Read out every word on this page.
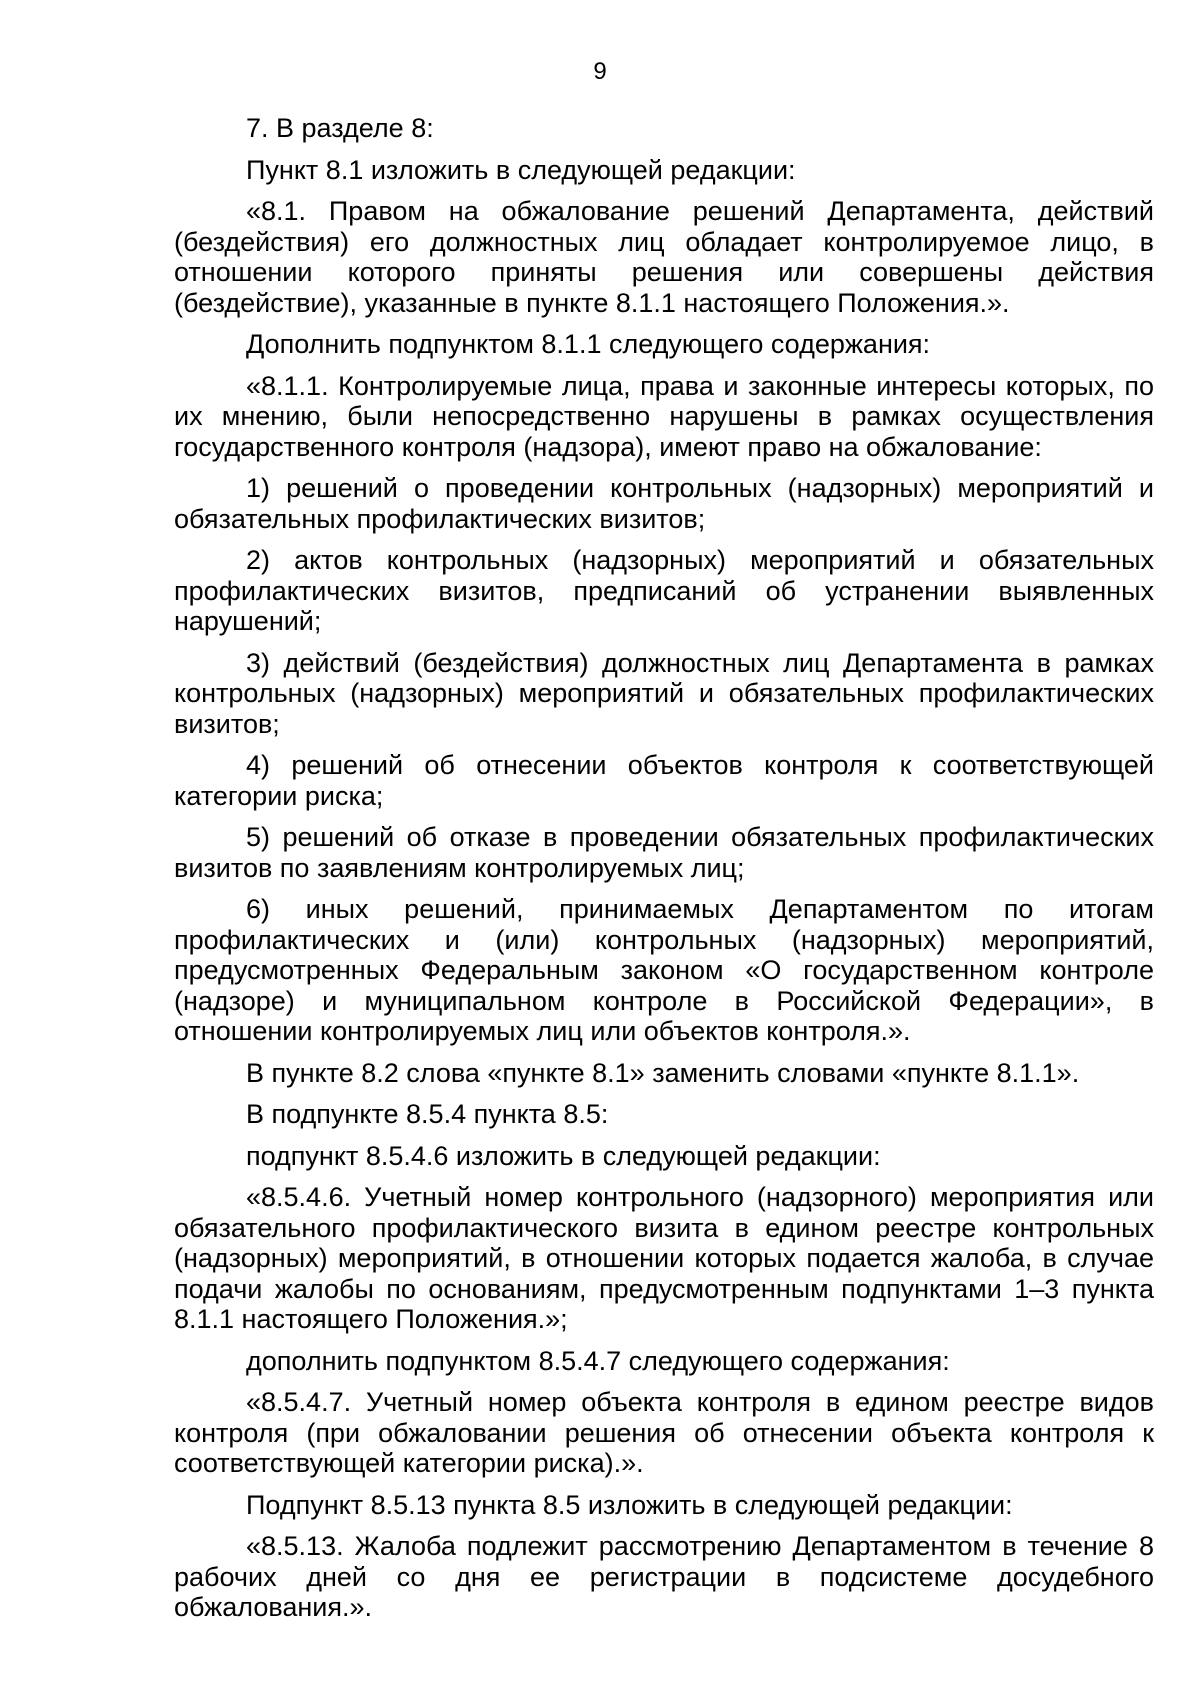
9

7. В разделе 8:

Пункт 8.1 изложить в следующей редакции:

«8.1. Правом на обжалование решений Департамента, действий (бездействия) его должностных лиц обладает контролируемое лицо, в отношении которого приняты решения или совершены действия (бездействие), указанные в пункте 8.1.1 настоящего Положения.».

Дополнить подпунктом 8.1.1 следующего содержания:

«8.1.1. Контролируемые лица, права и законные интересы которых, по их мнению, были непосредственно нарушены в рамках осуществления государственного контроля (надзора), имеют право на обжалование:

1) решений о проведении контрольных (надзорных) мероприятий и обязательных профилактических визитов;

2) актов контрольных (надзорных) мероприятий и обязательных профилактических визитов, предписаний об устранении выявленных нарушений;

3) действий (бездействия) должностных лиц Департамента в рамках контрольных (надзорных) мероприятий и обязательных профилактических визитов;

4) решений об отнесении объектов контроля к соответствующей категории риска;

5) решений об отказе в проведении обязательных профилактических визитов по заявлениям контролируемых лиц;

6) иных решений, принимаемых Департаментом по итогам профилактических и (или) контрольных (надзорных) мероприятий, предусмотренных Федеральным законом «О государственном контроле (надзоре) и муниципальном контроле в Российской Федерации», в отношении контролируемых лиц или объектов контроля.».

В пункте 8.2 слова «пункте 8.1» заменить словами «пункте 8.1.1».

В подпункте 8.5.4 пункта 8.5:

подпункт 8.5.4.6 изложить в следующей редакции:

«8.5.4.6. Учетный номер контрольного (надзорного) мероприятия или обязательного профилактического визита в едином реестре контрольных (надзорных) мероприятий, в отношении которых подается жалоба, в случае подачи жалобы по основаниям, предусмотренным подпунктами 1–3 пункта 8.1.1 настоящего Положения.»;

дополнить подпунктом 8.5.4.7 следующего содержания:

«8.5.4.7. Учетный номер объекта контроля в едином реестре видов контроля (при обжаловании решения об отнесении объекта контроля к соответствующей категории риска).».

Подпункт 8.5.13 пункта 8.5 изложить в следующей редакции:

«8.5.13. Жалоба подлежит рассмотрению Департаментом в течение 8 рабочих дней со дня ее регистрации в подсистеме досудебного обжалования.».
